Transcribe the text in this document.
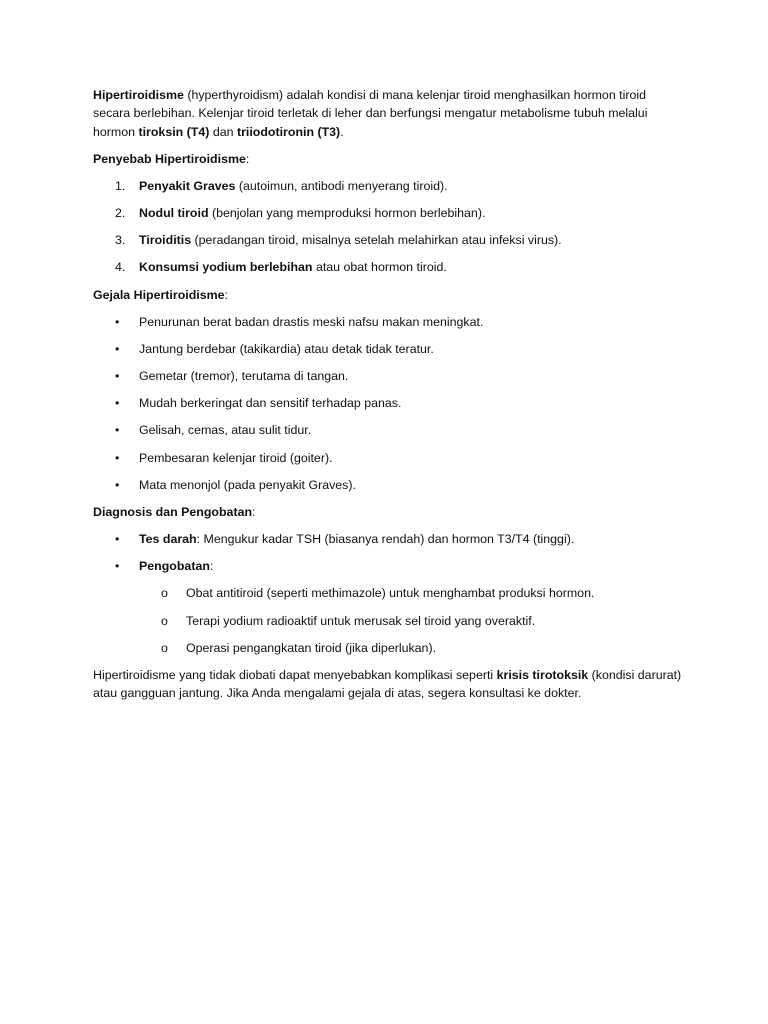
Hipertiroidisme (hyperthyroidism) adalah kondisi di mana kelenjar tiroid menghasilkan hormon tiroid secara berlebihan. Kelenjar tiroid terletak di leher dan berfungsi mengatur metabolisme tubuh melalui hormon tiroksin (T4) dan triiodotironin (T3).

Penyebab Hipertiroidisme:

1. Penyakit Graves (autoimun, antibodi menyerang tiroid).
2. Nodul tiroid (benjolan yang memproduksi hormon berlebihan).
3. Tiroiditis (peradangan tiroid, misalnya setelah melahirkan atau infeksi virus).
4. Konsumsi yodium berlebihan atau obat hormon tiroid.

Gejala Hipertiroidisme:

• Penurunan berat badan drastis meski nafsu makan meningkat.
• Jantung berdebar (takikardia) atau detak tidak teratur.
• Gemetar (tremor), terutama di tangan.
• Mudah berkeringat dan sensitif terhadap panas.
• Gelisah, cemas, atau sulit tidur.
• Pembesaran kelenjar tiroid (goiter).
• Mata menonjol (pada penyakit Graves).

Diagnosis dan Pengobatan:

• Tes darah: Mengukur kadar TSH (biasanya rendah) dan hormon T3/T4 (tinggi).
• Pengobatan:
o Obat antitiroid (seperti methimazole) untuk menghambat produksi hormon.
o Terapi yodium radioaktif untuk merusak sel tiroid yang overaktif.
o Operasi pengangkatan tiroid (jika diperlukan).

Hipertiroidisme yang tidak diobati dapat menyebabkan komplikasi seperti krisis tirotoksik (kondisi darurat) atau gangguan jantung. Jika Anda mengalami gejala di atas, segera konsultasi ke dokter.
